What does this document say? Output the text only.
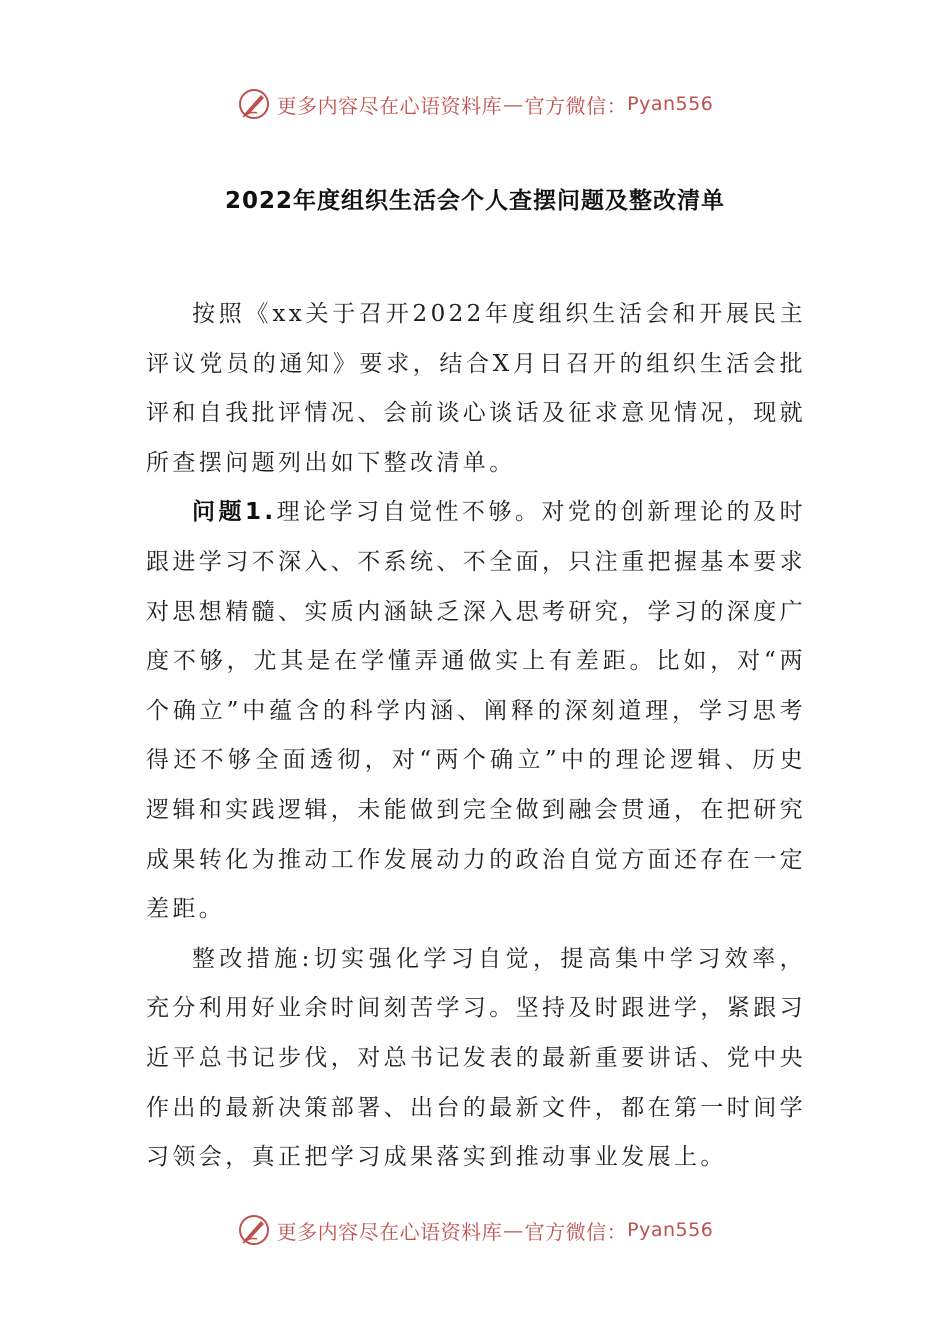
更多内容尽在心语资料库 — 官方微信： Pyan556
2022年度组织生活会个人查摆问题及整改清单

按照《xx关于召开2022年度组织生活会和开展民主评议党员的通知》要求，结合X月日召开的组织生活会批评和自我批评情况、会前谈心谈话及征求意见情况，现就所查摆问题列出如下整改清单。

问题1.理论学习自觉性不够。对党的创新理论的及时跟进学习不深入、不系统、不全面，只注重把握基本要求对思想精髓、实质内涵缺乏深入思考研究，学习的深度广度不够，尤其是在学懂弄通做实上有差距。比如，对“两个确立”中蕴含的科学内涵、阐释的深刻道理，学习思考得还不够全面透彻，对“两个确立”中的理论逻辑、历史逻辑和实践逻辑，未能做到完全做到融会贯通，在把研究成果转化为推动工作发展动力的政治自觉方面还存在一定差距。

整改措施:切实强化学习自觉，提高集中学习效率，充分利用好业余时间刻苦学习。坚持及时跟进学，紧跟习近平总书记步伐，对总书记发表的最新重要讲话、党中央作出的最新决策部署、出台的最新文件，都在第一时间学习领会，真正把学习成果落实到推动事业发展上。

更多内容尽在心语资料库 — 官方微信： Pyan556
